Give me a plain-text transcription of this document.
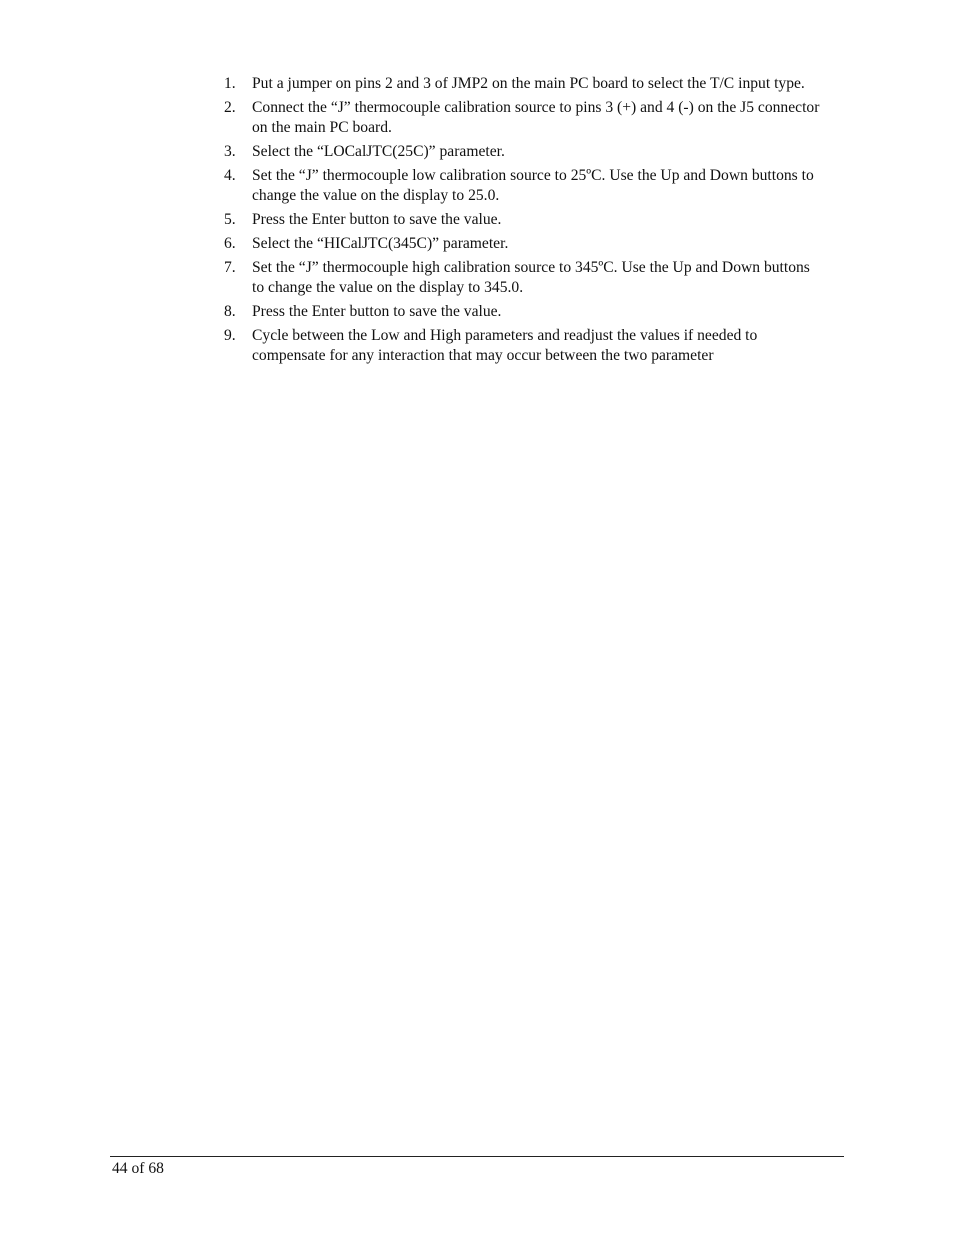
1. Put a jumper on pins 2 and 3 of JMP2 on the main PC board to select the T/C input type.
2. Connect the “J” thermocouple calibration source to pins 3 (+) and 4 (-) on the J5 connector on the main PC board.
3. Select the “LOCalJTC(25C)” parameter.
4. Set the “J” thermocouple low calibration source to 25ºC. Use the Up and Down buttons to change the value on the display to 25.0.
5. Press the Enter button to save the value.
6. Select the “HICalJTC(345C)” parameter.
7. Set the “J” thermocouple high calibration source to 345ºC. Use the Up and Down buttons to change the value on the display to 345.0.
8. Press the Enter button to save the value.
9. Cycle between the Low and High parameters and readjust the values if needed to compensate for any interaction that may occur between the two parameter
44 of 68
